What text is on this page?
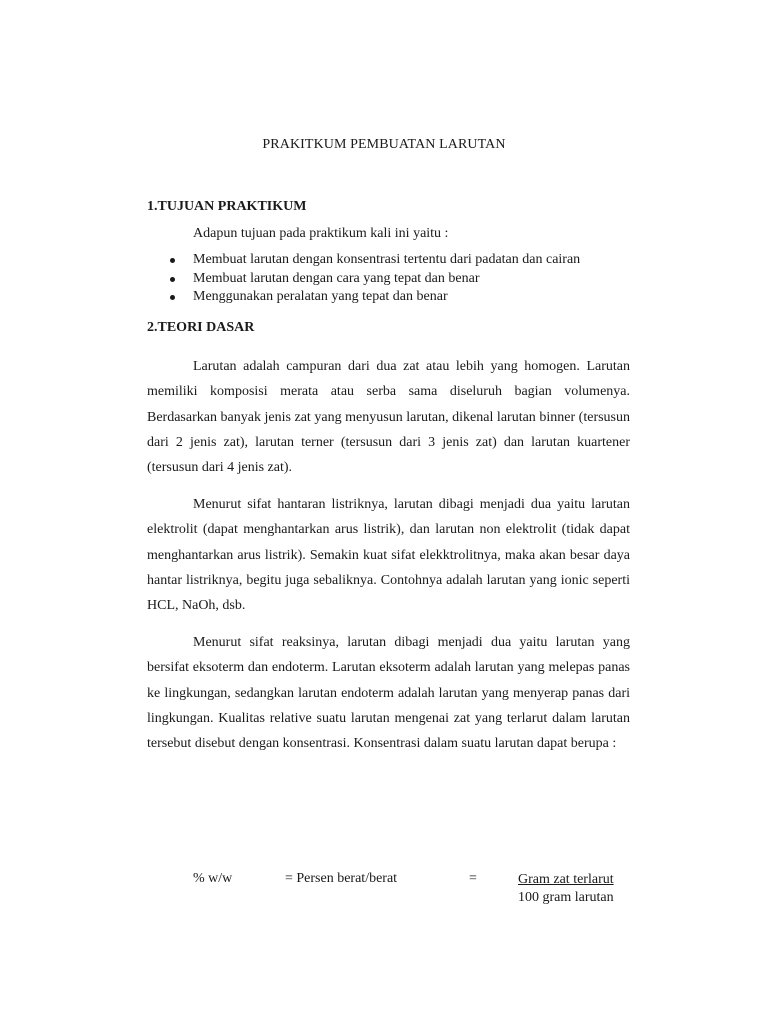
PRAKITKUM PEMBUATAN LARUTAN
1.TUJUAN PRAKTIKUM
Adapun tujuan pada praktikum kali ini yaitu :
Membuat larutan dengan konsentrasi tertentu dari padatan dan cairan
Membuat larutan dengan cara yang tepat dan benar
Menggunakan peralatan yang tepat dan benar
2.TEORI DASAR

Larutan adalah campuran dari dua zat atau lebih yang homogen. Larutan memiliki komposisi merata atau serba sama diseluruh bagian volumenya. Berdasarkan banyak jenis zat yang menyusun larutan, dikenal larutan binner (tersusun dari 2 jenis zat), larutan terner (tersusun dari 3 jenis zat) dan larutan kuartener (tersusun dari 4 jenis zat).

Menurut sifat hantaran listriknya, larutan dibagi menjadi dua yaitu larutan elektrolit (dapat menghantarkan arus listrik), dan larutan non elektrolit (tidak dapat menghantarkan arus listrik). Semakin kuat sifat elekktrolitnya, maka akan besar daya hantar listriknya, begitu juga sebaliknya. Contohnya adalah larutan yang ionic seperti HCL, NaOh, dsb.

Menurut sifat reaksinya, larutan dibagi menjadi dua yaitu larutan yang bersifat eksoterm dan endoterm. Larutan eksoterm adalah larutan yang melepas panas ke lingkungan, sedangkan larutan endoterm adalah larutan yang menyerap panas dari lingkungan. Kualitas relative suatu larutan mengenai zat yang terlarut dalam larutan tersebut disebut dengan konsentrasi. Konsentrasi dalam suatu larutan dapat berupa :

% w/w	= Persen berat/berat	=	Gram zat terlarut
100 gram larutan
